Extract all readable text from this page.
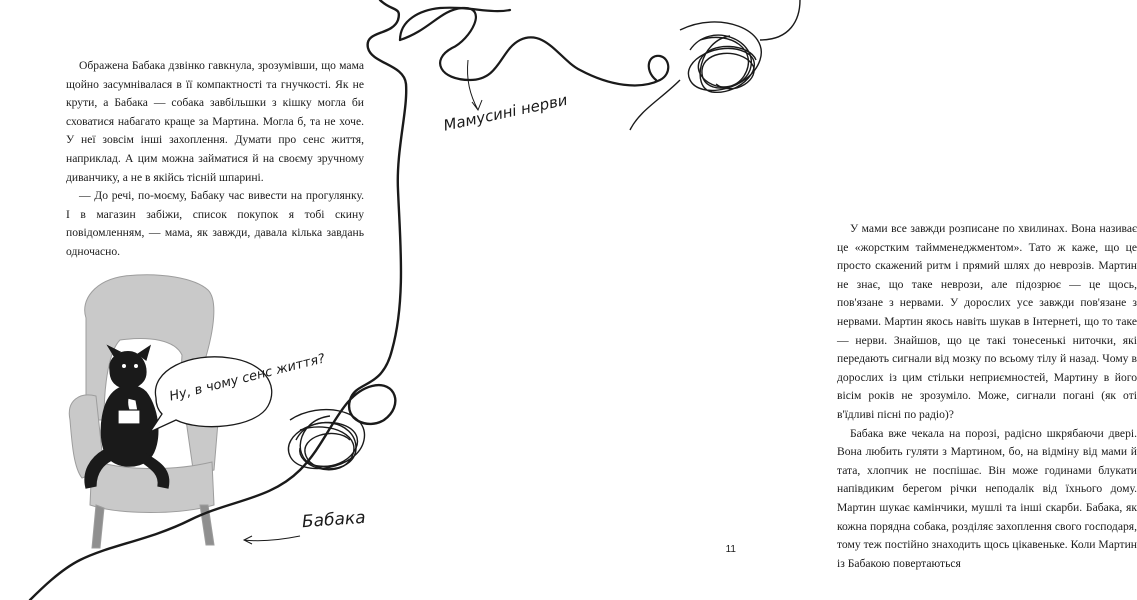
Ображена Бабака дзвінко гавкнула, зрозумівши, що мама щойно засумнівалася в її компактності та гнучкості. Як не крути, а Бабака — собака завбільшки з кішку могла би сховатися набагато краще за Мартина. Могла б, та не хоче. У неї зовсім інші захоплення. Думати про сенс життя, наприклад. А цим можна займатися й на своєму зручному диванчику, а не в якійсь тісній шпарині.

— До речі, по-моєму, Бабаку час вивести на прогулянку. І в магазин забіжи, список покупок я тобі скину повідомленням, — мама, як завжди, давала кілька завдань одночасно.

Ну, в чому сенс життя?
Бабака

У мами все завжди розписане по хвилинах. Вона називає це «жорстким таймменеджментом». Тато ж каже, що це просто скажений ритм і прямий шлях до неврозів. Мартин не знає, що таке неврози, але підозрює — це щось, пов'язане з нервами. У дорослих усе завжди пов'язане з нервами. Мартин якось навіть шукав в Інтернеті, що то таке — нерви. Знайшов, що це такі тонесенькі ниточки, які передають сигнали від мозку по всьому тілу й назад. Чому в дорослих із цим стільки неприємностей, Мартину в його вісім років не зрозуміло. Може, сигнали погані (як оті в'їдливі пісні по радіо)?

Бабака вже чекала на порозі, радісно шкрябаючи двері. Вона любить гуляти з Мартином, бо, на відміну від мами й тата, хлопчик не поспішає. Він може годинами блукати напівдиким берегом річки неподалік від їхнього дому. Мартин шукає камінчики, мушлі та інші скарби. Бабака, як кожна порядна собака, розділяє захоплення свого господаря, тому теж постійно знаходить щось цікавеньке. Коли Мартин із Бабакою повертаються

Мамусині нерви
11
